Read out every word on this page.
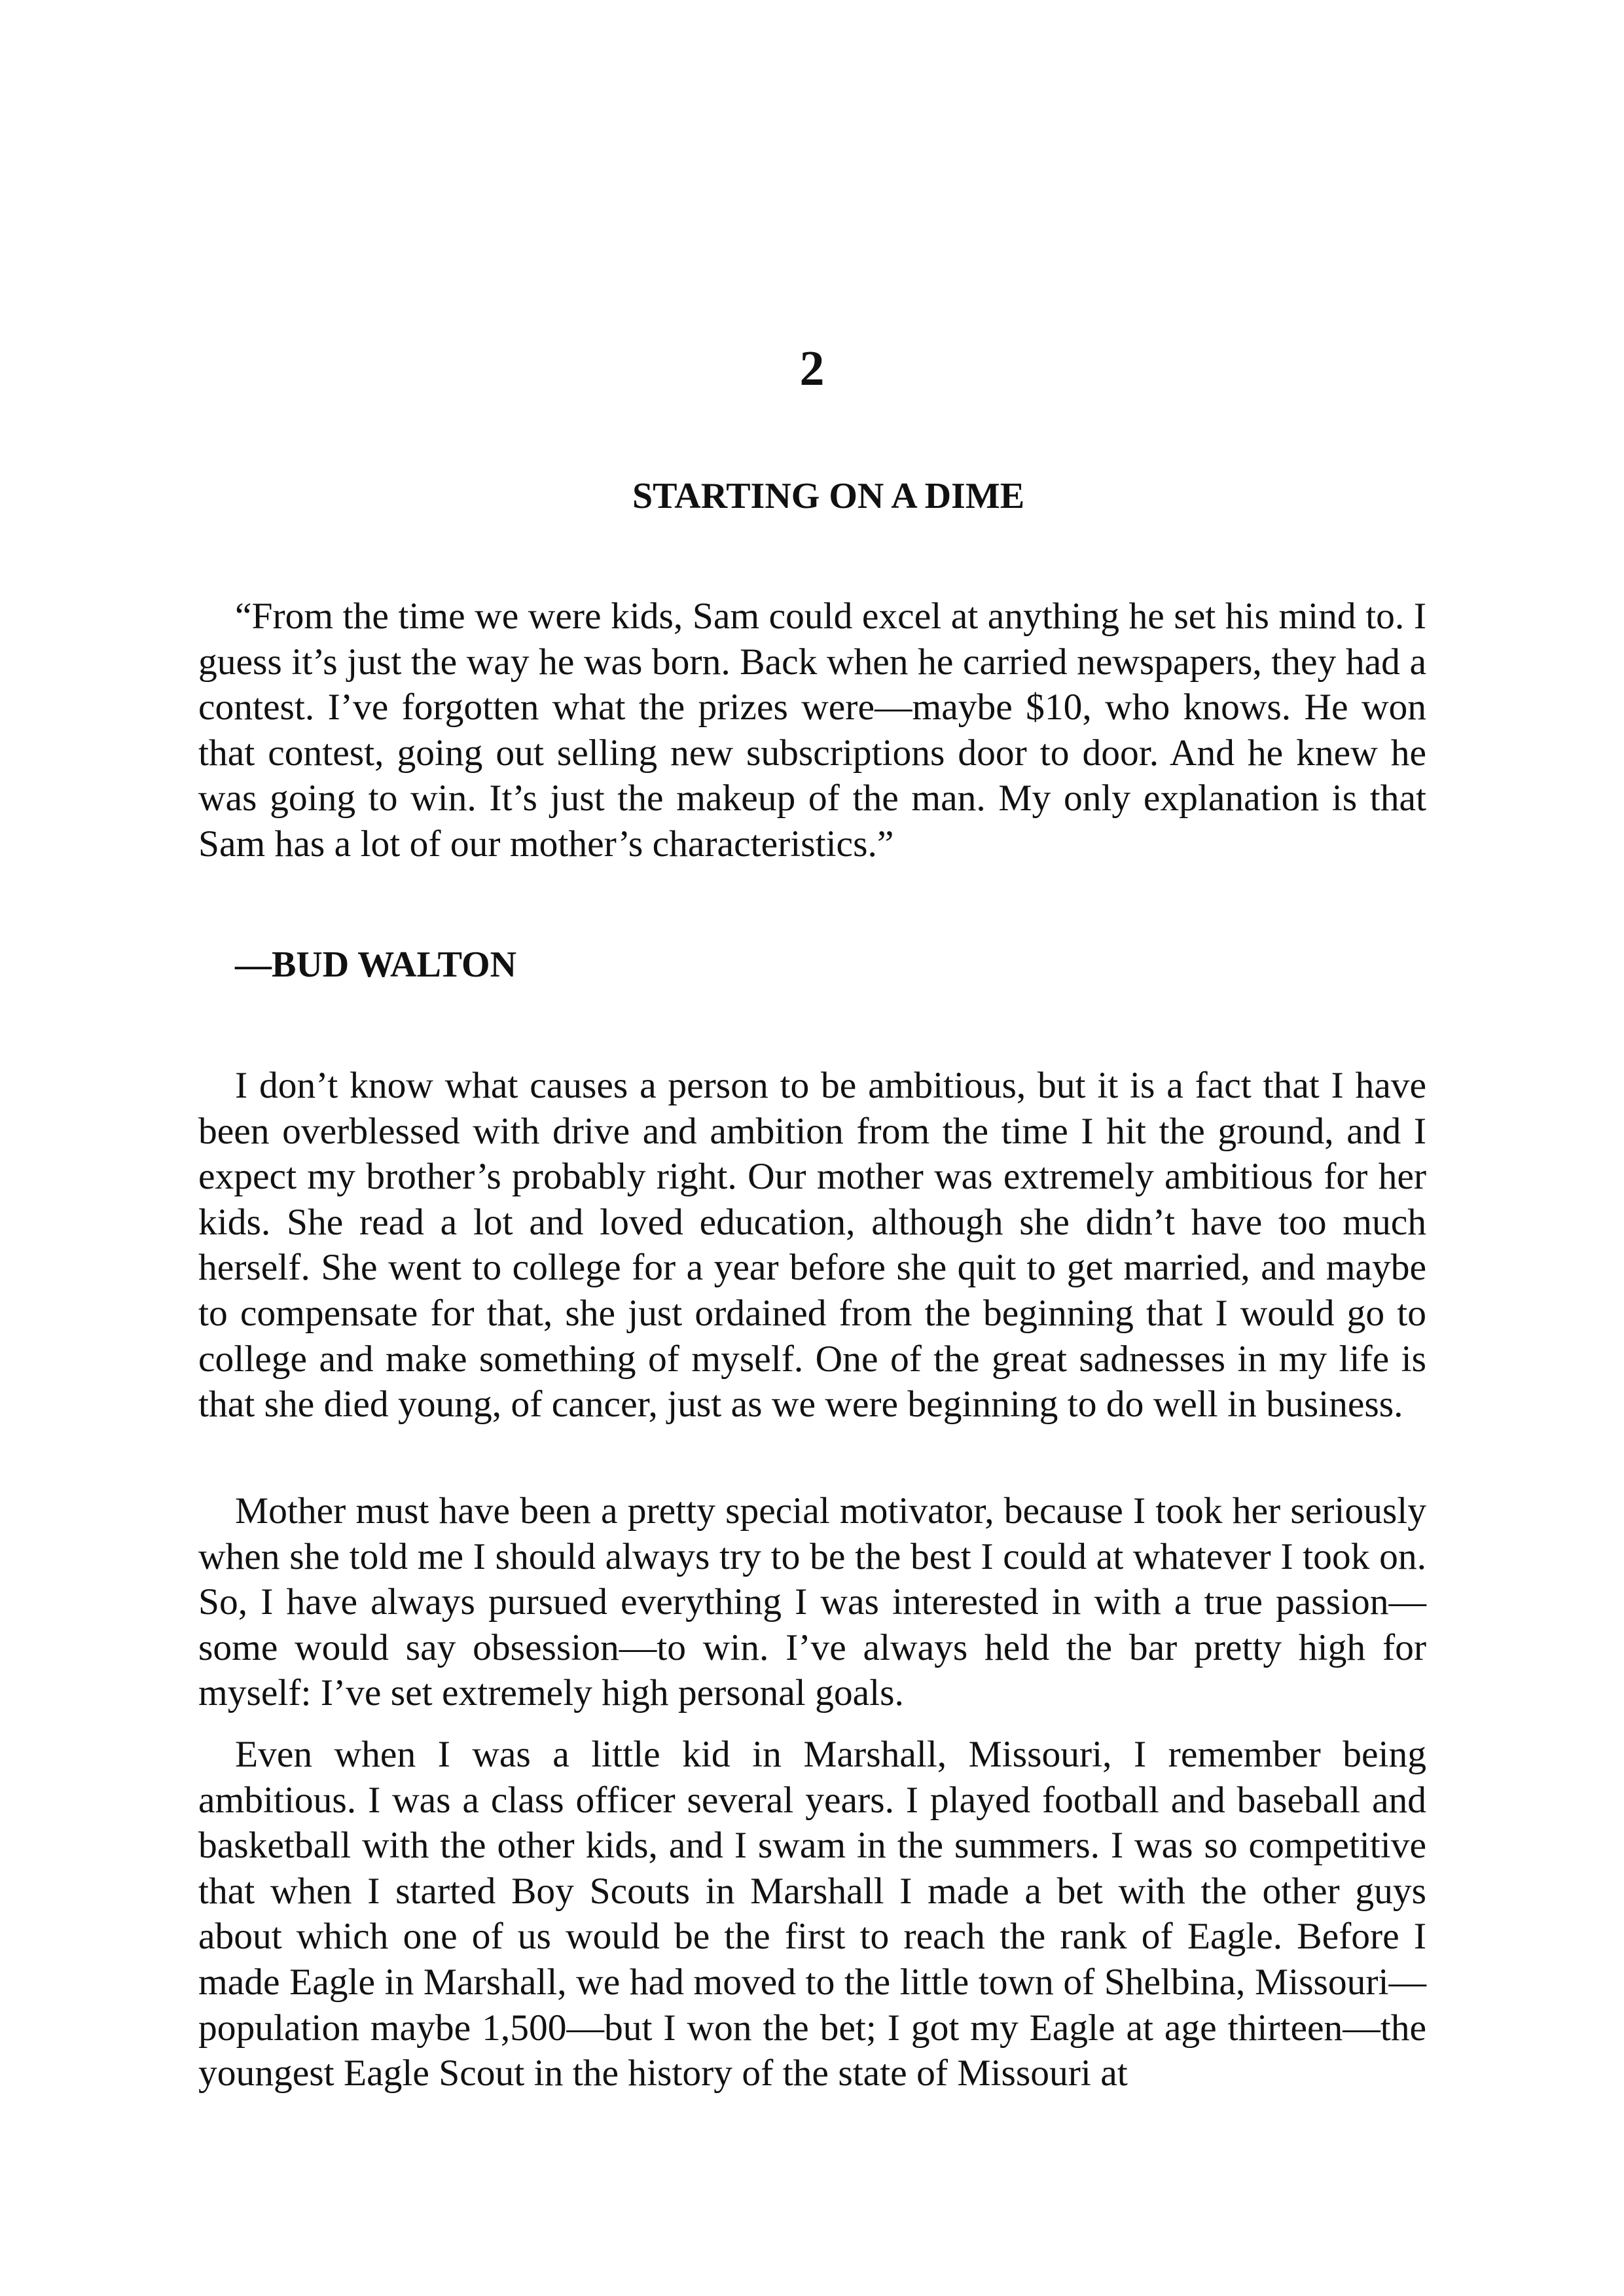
2
STARTING ON A DIME

“From the time we were kids, Sam could excel at anything he set his mind to. I guess it’s just the way he was born. Back when he carried newspapers, they had a contest. I’ve forgotten what the prizes were—maybe $10, who knows. He won that contest, going out selling new subscriptions door to door. And he knew he was going to win. It’s just the makeup of the man. My only explanation is that Sam has a lot of our mother’s characteristics.”

—BUD WALTON

I don’t know what causes a person to be ambitious, but it is a fact that I have been overblessed with drive and ambition from the time I hit the ground, and I expect my brother’s probably right. Our mother was extremely ambitious for her kids. She read a lot and loved education, although she didn’t have too much herself. She went to college for a year before she quit to get married, and maybe to compensate for that, she just ordained from the beginning that I would go to college and make something of myself. One of the great sadnesses in my life is that she died young, of cancer, just as we were beginning to do well in business.

Mother must have been a pretty special motivator, because I took her seriously when she told me I should always try to be the best I could at whatever I took on. So, I have always pursued everything I was interested in with a true passion—some would say obsession—to win. I’ve always held the bar pretty high for myself: I’ve set extremely high personal goals.

Even when I was a little kid in Marshall, Missouri, I remember being ambitious. I was a class officer several years. I played football and baseball and basketball with the other kids, and I swam in the summers. I was so competitive that when I started Boy Scouts in Marshall I made a bet with the other guys about which one of us would be the first to reach the rank of Eagle. Before I made Eagle in Marshall, we had moved to the little town of Shelbina, Missouri—population maybe 1,500—but I won the bet; I got my Eagle at age thirteen—the youngest Eagle Scout in the history of the state of Missouri at
